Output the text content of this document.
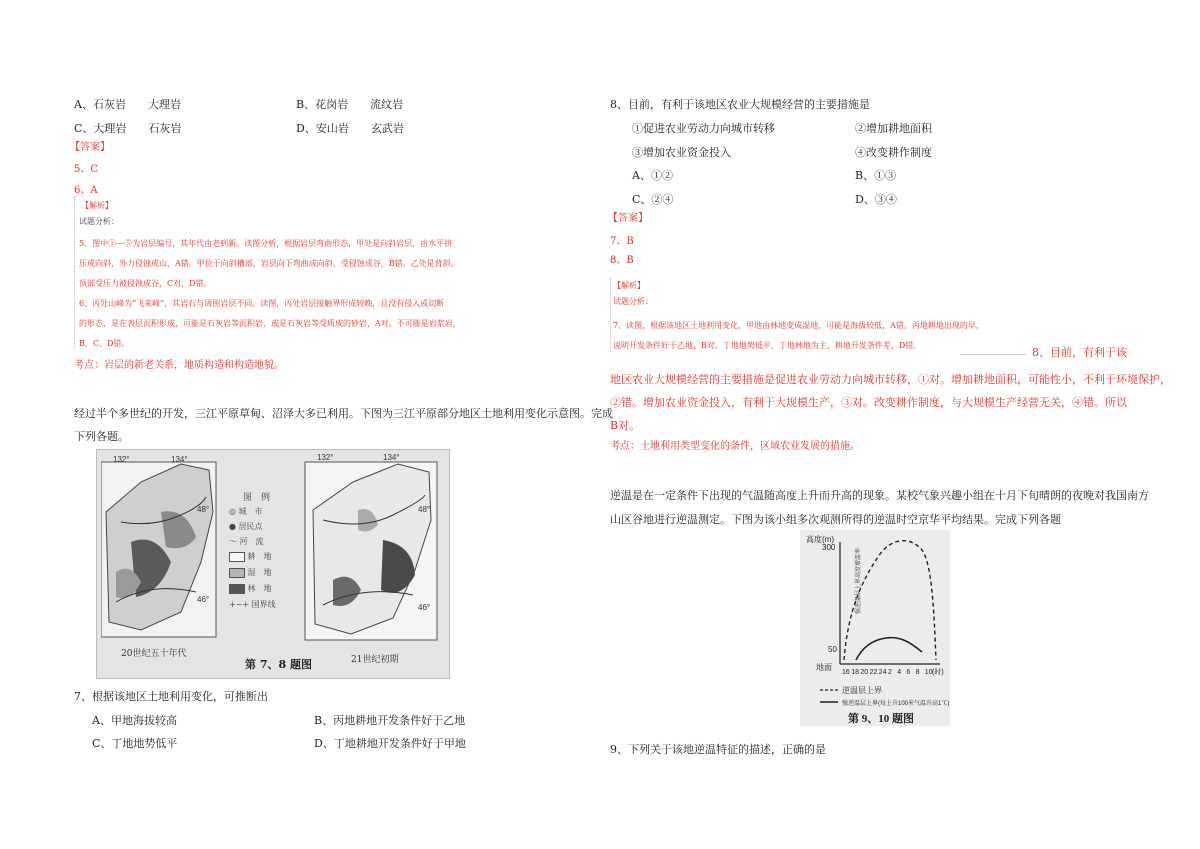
A、石灰岩　　大理岩	B、花岗岩　　流纹岩
C、大理岩　　石灰岩	D、安山岩　　玄武岩
【答案】
5、C
6、A
【解析】
试题分析：
5、图中①—⑤为岩层编号，其年代由老到新。读图分析，根据岩层弯曲形态，甲处是向斜岩层，由水平挤
压成向斜，外力侵蚀成山，A错。甲位于向斜槽部，岩层向下弯曲成向斜，受侵蚀成谷，B错。乙处是背斜，
顶部受压力被侵蚀成谷，C对，D错。
6、丙处山峰为“飞来峰”，其岩石与周围岩层不同。读图，丙处岩层接触界形成较晚，且没有侵入或切断
的形态，是在表层沉积形成，可能是石灰岩等沉积岩，或是石灰岩等受质成的砂岩，A对。不可能是岩浆岩，
B、C、D错。
考点：岩层的新老关系，地质构造和构造地貌。
经过半个多世纪的开发，三江平原草甸、沼泽大多已利用。下图为三江平原部分地区土地利用变化示意图。完成
下列各题。
132°	134°
48°
46°
20世纪五十年代
图　例
◎ 城　市
● 居民点
〜 河　流
耕　地
湿　地
林　地
+−+ 国界线
132°	134°
48°
46°
21世纪初期
第 7、8 题图
7、根据该地区土地利用变化，可推断出
A、甲地海拔较高	B、丙地耕地开发条件好于乙地
C、丁地地势低平	D、丁地耕地开发条件好于甲地
8、目前，有利于该地区农业大规模经营的主要措施是
①促进农业劳动力向城市转移	②增加耕地面积
③增加农业资金投入	④改变耕作制度
A、①②	B、①③
C、②④	D、③④
【答案】
7、B
8、B
【解析】
试题分析：
7、读图，根据该地区土地利用变化，甲地由林地变成湿地，可能是海拔较低，A错。丙地耕地出现的早，
说明开发条件好于乙地，B对。丁地地势低平，丁地林地为主，耕地开发条件差，D错。
8、目前，有利于该
地区农业大规模经营的主要措施是促进农业劳动力向城市转移，①对。增加耕地面积，可能性小，不利于环境保护，
②错。增加农业资金投入，有利于大规模生产，③对。改变耕作制度，与大规模生产经营无关，④错。所以
B对。
考点：土地利用类型变化的条件，区域农业发展的措施。
逆温是在一定条件下出现的气温随高度上升而升高的现象。某校气象兴趣小组在十月下旬晴朗的夜晚对我国南方
山区谷地进行逆温测定。下图为该小组多次观测所得的逆温时空京华平均结果。完成下列各题
高度(m)
300
50
地面
16 18 20 22 24 2 4 6 8 10 (时)
强逆温层上界高度增温率
逆温层上界
强逆温层上界(每上升100米气温升高1℃)
第 9、10 题图
9、下列关于该地逆温特征的描述，正确的是
